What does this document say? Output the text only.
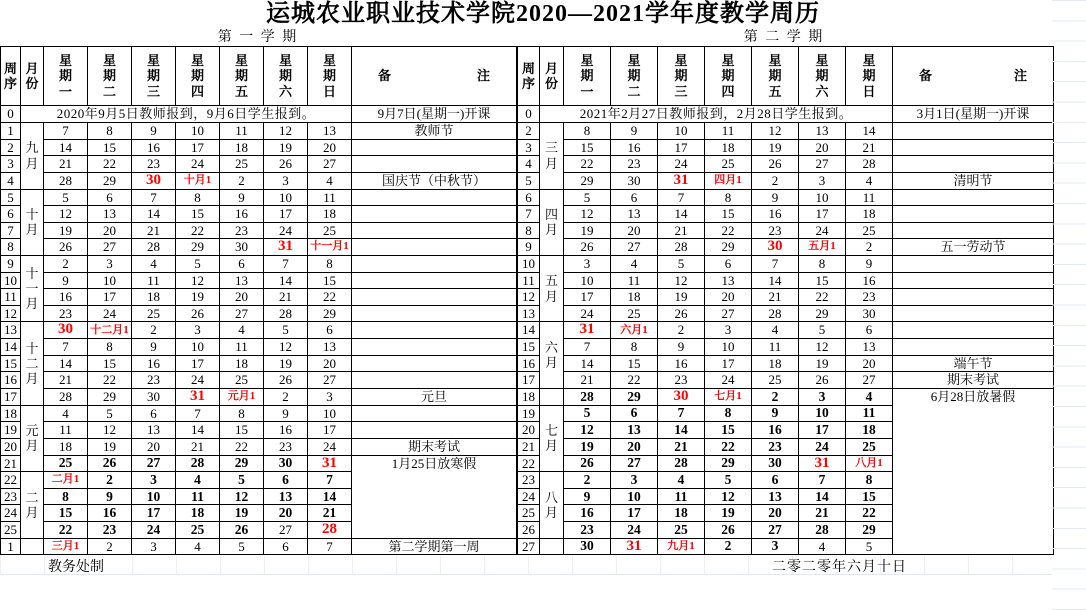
运城农业职业技术学院2020—2021学年度教学周历
第 一 学 期	第 二 学 期
周序	月份	星期一	星期二	星期三	星期四	星期五	星期六	星期日	备 注

0	2020年9月5日教师报到，9月6日学生报到。								9月7日(星期一)开课
1	九月	7	8	9	10	11	12	13	教师节
2		14	15	16	17	18	19	20	
3		21	22	23	24	25	26	27	
4		28	29	30	十月1	2	3	4	国庆节（中秋节）
5	十月	5	6	7	8	9	10	11	
6		12	13	14	15	16	17	18	
7		19	20	21	22	23	24	25	
8		26	27	28	29	30	31	十一月1	
9	十一月	2	3	4	5	6	7	8	
10		9	10	11	12	13	14	15	
11		16	17	18	19	20	21	22	
12		23	24	25	26	27	28	29	
13	十二月	30	十二月1	2	3	4	5	6	
14		7	8	9	10	11	12	13	
15		14	15	16	17	18	19	20	
16		21	22	23	24	25	26	27	
17		28	29	30	31	元月1	2	3	元旦
18	元月	4	5	6	7	8	9	10	
19		11	12	13	14	15	16	17	
20		18	19	20	21	22	23	24	期末考试
21		25	26	27	28	29	30	31	1月25日放寒假
22	二月	二月1	2	3	4	5	6	7	
23		8	9	10	11	12	13	14	
24		15	16	17	18	19	20	21	
25		22	23	24	25	26	27	28	
1		三月1	2	3	4	5	6	7	第二学期第一周
周序	月份	星期一	星期二	星期三	星期四	星期五	星期六	星期日	备 注

0	2021年2月27日教师报到，2月28日学生报到。								3月1日(星期一)开课
2	三月	8	9	10	11	12	13	14	
3		15	16	17	18	19	20	21	
4		22	23	24	25	26	27	28	
5		29	30	31	四月1	2	3	4	清明节
6	四月	5	6	7	8	9	10	11	
7		12	13	14	15	16	17	18	
8		19	20	21	22	23	24	25	
9		26	27	28	29	30	五月1	2	五一劳动节
10	五月	3	4	5	6	7	8	9	
11		10	11	12	13	14	15	16	
12		17	18	19	20	21	22	23	
13		24	25	26	27	28	29	30	
14	六月	31	六月1	2	3	4	5	6	
15		7	8	9	10	11	12	13	
16		14	15	16	17	18	19	20	端午节
17		21	22	23	24	25	26	27	期末考试
18		28	29	30	七月1	2	3	4	6月28日放暑假
19	七月	5	6	7	8	9	10	11	
20		12	13	14	15	16	17	18	
21		19	20	21	22	23	24	25	
22		26	27	28	29	30	31	八月1	
23	八月	2	3	4	5	6	7	8	
24		9	10	11	12	13	14	15	
25		16	17	18	19	20	21	22	
26		23	24	25	26	27	28	29	
27		30	31	九月1	2	3	4	5	
教务处制	二零二零年六月十日
